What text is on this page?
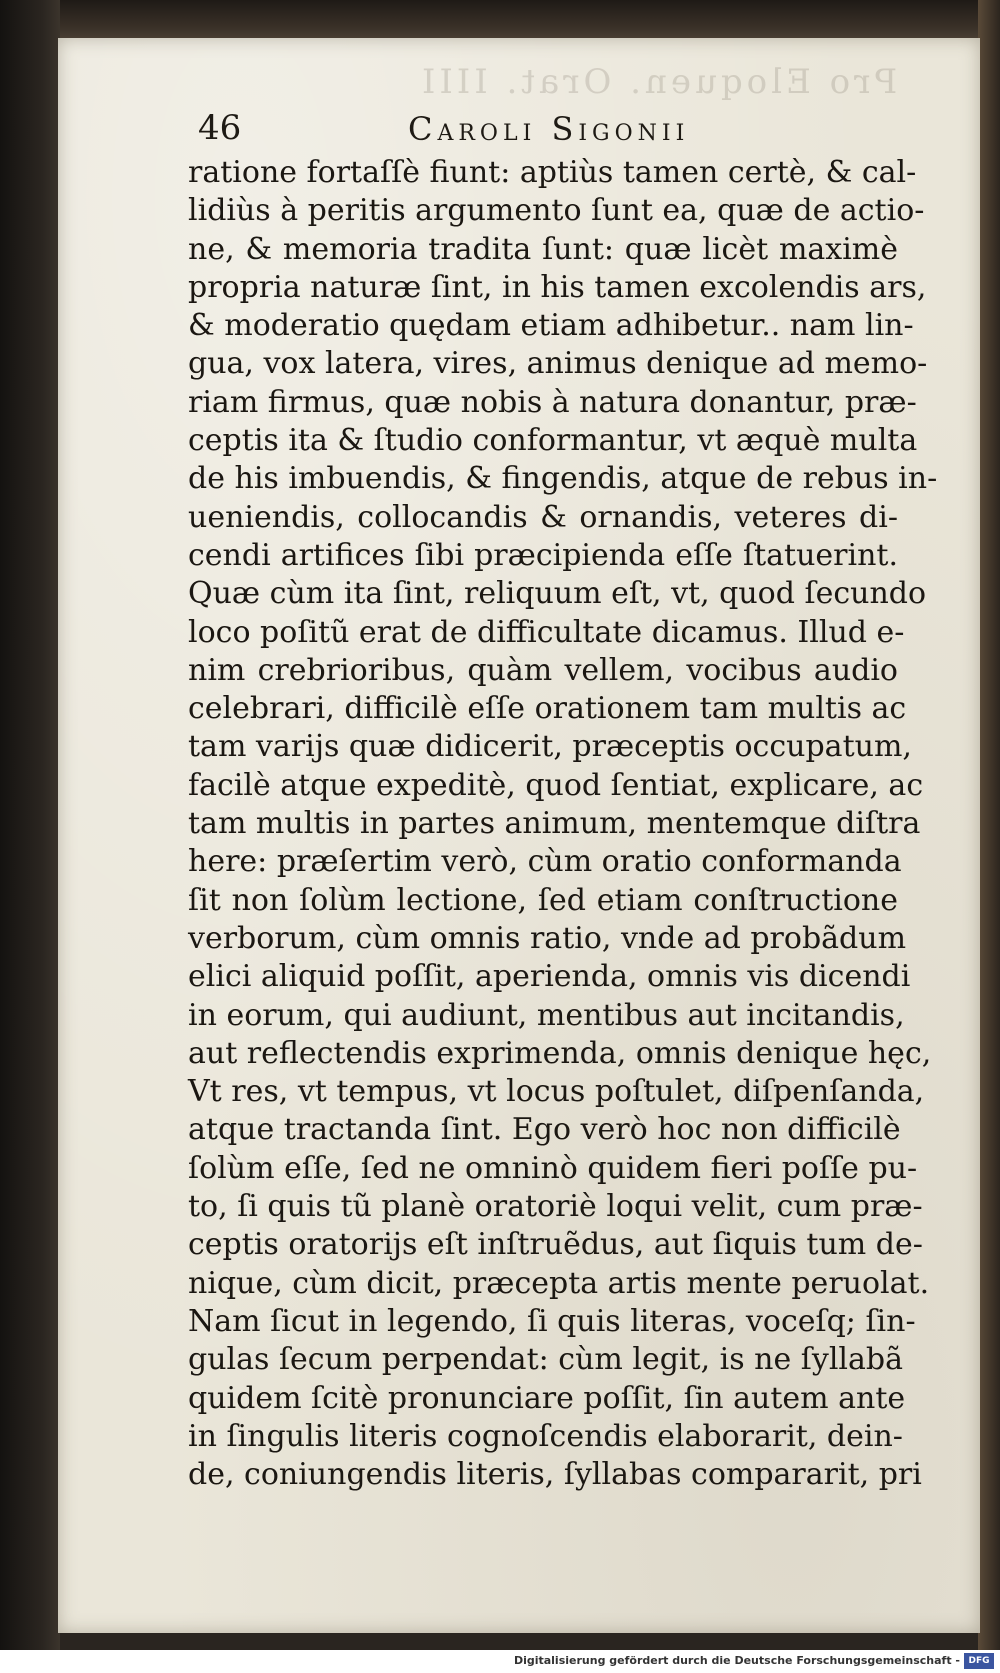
Pro Eloquen. Orat. IIII
46	Caroli Sigonii
ratione fortaſſè fiunt: aptiùs tamen certè, & cal-
lidiùs à peritis argumento ſunt ea, quæ de actio-
ne, & memoria tradita ſunt: quæ licèt maximè
propria naturæ ſint, in his tamen excolendis ars,
& moderatio quędam etiam adhibetur.. nam lin-
gua, vox latera, vires, animus denique ad memo-
riam firmus, quæ nobis à natura donantur, præ-
ceptis ita & ſtudio conformantur, vt æquè multa
de his imbuendis, & fingendis, atque de rebus in-
ueniendis, collocandis & ornandis, veteres di-
cendi artifices ſibi præcipienda eſſe ſtatuerint.
Quæ cùm ita ſint, reliquum eſt, vt, quod ſecundo
loco poſitũ erat de difficultate dicamus. Illud e-
nim crebrioribus, quàm vellem, vocibus audio
celebrari, difficilè eſſe orationem tam multis ac
tam varijs quæ didicerit, præceptis occupatum,
facilè atque expeditè, quod ſentiat, explicare, ac
tam multis in partes animum, mentemque diſtra
here: præſertim verò, cùm oratio conformanda
ſit non ſolùm lectione, ſed etiam conſtructione
verborum, cùm omnis ratio, vnde ad probãdum
elici aliquid poſſit, aperienda, omnis vis dicendi
in eorum, qui audiunt, mentibus aut incitandis,
aut reflectendis exprimenda, omnis denique hęc,
Vt res, vt tempus, vt locus poſtulet, diſpenſanda,
atque tractanda ſint. Ego verò hoc non difficilè
ſolùm eſſe, ſed ne omninò quidem fieri poſſe pu-
to, ſi quis tũ planè oratoriè loqui velit, cum præ-
ceptis oratorijs eſt inſtruẽdus, aut ſiquis tum de-
nique, cùm dicit, præcepta artis mente peruolat.
Nam ſicut in legendo, ſi quis literas, voceſq; ſin-
gulas ſecum perpendat: cùm legit, is ne ſyllabã
quidem ſcitè pronunciare poſſit, ſin autem ante
in ſingulis literis cognoſcendis elaborarit, dein-
de, coniungendis literis, ſyllabas compararit, pri
Digitalisierung gefördert durch die Deutsche Forschungsgemeinschaft - DFG
